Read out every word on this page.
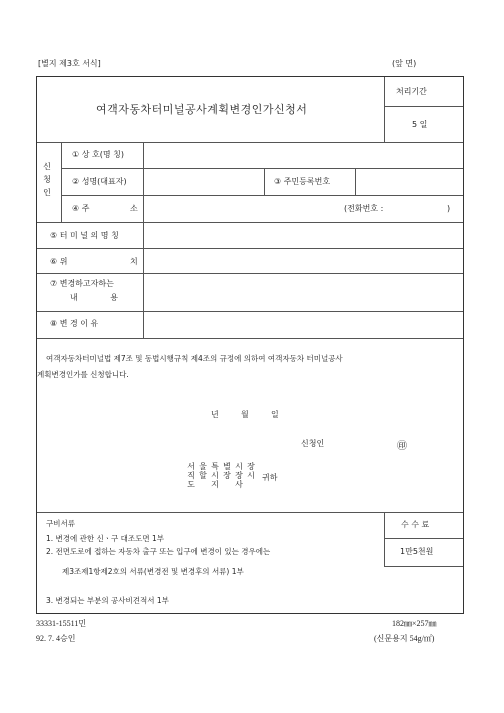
[별지 제3호 서식]	(앞 면)
여객자동차터미널공사계획변경인가신청서
처리기간
5 일
신
청
인
① 상 호(명 칭)
② 성명(대표자)	③ 주민등록번호
④ 주	소	(전화번호 :	)
⑤ 터 미 널 의 명 칭
⑥ 위	치
⑦ 변경하고자하는
내 용
⑧ 변 경 이 유
여객자동차터미널법 제7조 및 동법시행규칙 제4조의 규정에 의하여 여객자동차 터미널공사
계획변경인가를 신청합니다.
년	월	일
신청인	㊞
서
직
도
울
할
특
시
지
별
장
시
장
사
장
시 귀하
구비서류
1. 변경에 관한 신ㆍ구 대조도면 1부
2. 전면도로에 접하는 자동차 출구 또는 입구에 변경이 있는 경우에는
제3조제1항제2호의 서류(변경전 및 변경후의 서류) 1부
3. 변경되는 부분의 공사비견적서 1부
수 수 료
1만5천원
33331-15511민	182㎜×257㎜
92. 7. 4승인	(신문용지 54g/㎡)
